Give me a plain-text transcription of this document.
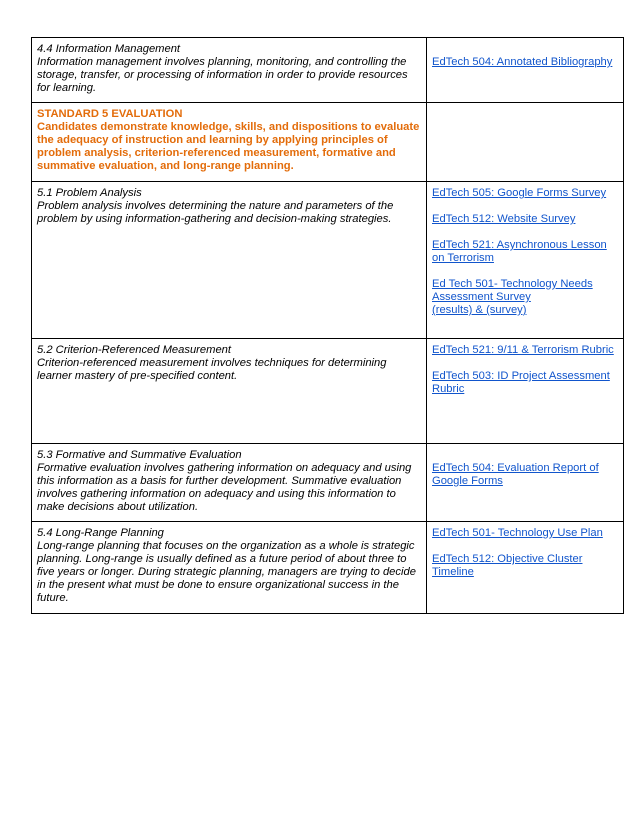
4.4 Information Management
Information management involves planning, monitoring, and controlling the storage, transfer, or processing of information in order to provide resources for learning.	EdTech 504: Annotated Bibliography

STANDARD 5 EVALUATION
Candidates demonstrate knowledge, skills, and dispositions to evaluate the adequacy of instruction and learning by applying principles of problem analysis, criterion-referenced measurement, formative and summative evaluation, and long-range planning.	

5.1 Problem Analysis
Problem analysis involves determining the nature and parameters of the problem by using information-gathering and decision-making strategies.	EdTech 505: Google Forms Survey
EdTech 512: Website Survey
EdTech 521: Asynchronous Lesson on Terrorism
Ed Tech 501- Technology Needs Assessment Survey
(results) & (survey)

5.2 Criterion-Referenced Measurement
Criterion-referenced measurement involves techniques for determining learner mastery of pre-specified content.	EdTech 521: 9/11 & Terrorism Rubric
EdTech 503: ID Project Assessment Rubric

5.3 Formative and Summative Evaluation
Formative evaluation involves gathering information on adequacy and using this information as a basis for further development. Summative evaluation involves gathering information on adequacy and using this information to make decisions about utilization.	EdTech 504: Evaluation Report of Google Forms

5.4 Long-Range Planning
Long-range planning that focuses on the organization as a whole is strategic planning. Long-range is usually defined as a future period of about three to five years or longer. During strategic planning, managers are trying to decide in the present what must be done to ensure organizational success in the future.	EdTech 501- Technology Use Plan
EdTech 512: Objective Cluster Timeline
